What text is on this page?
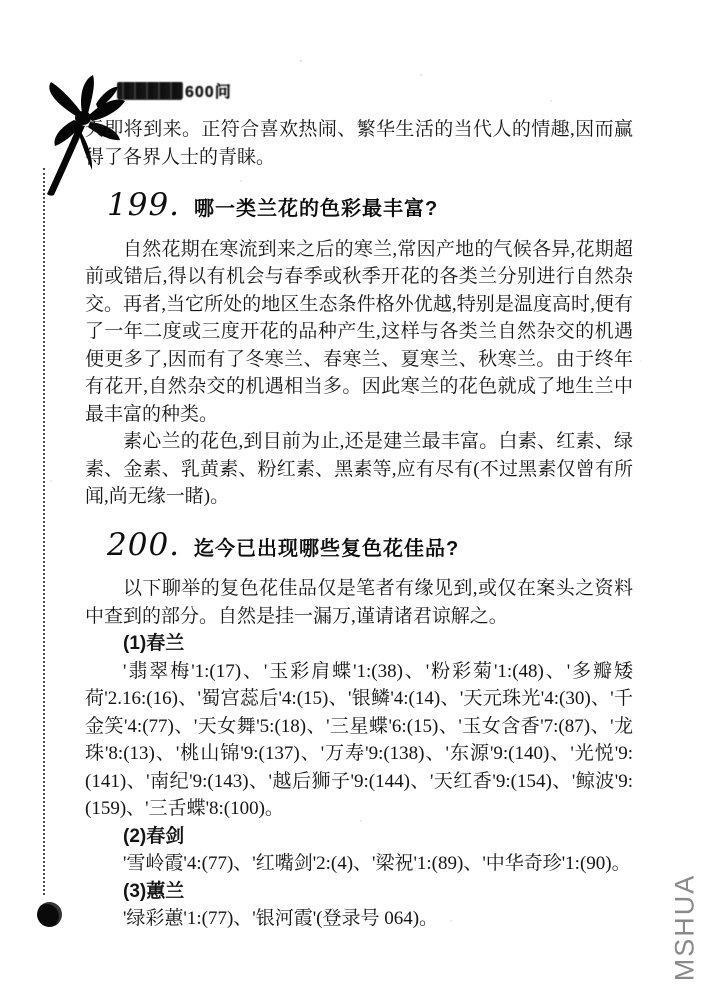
600问

天即将到来。正符合喜欢热闹、繁华生活的当代人的情趣,因而赢得了各界人士的青睐。

199. 哪一类兰花的色彩最丰富?

自然花期在寒流到来之后的寒兰,常因产地的气候各异,花期超前或错后,得以有机会与春季或秋季开花的各类兰分别进行自然杂交。再者,当它所处的地区生态条件格外优越,特别是温度高时,便有了一年二度或三度开花的品种产生,这样与各类兰自然杂交的机遇便更多了,因而有了冬寒兰、春寒兰、夏寒兰、秋寒兰。由于终年有花开,自然杂交的机遇相当多。因此寒兰的花色就成了地生兰中最丰富的种类。

素心兰的花色,到目前为止,还是建兰最丰富。白素、红素、绿素、金素、乳黄素、粉红素、黑素等,应有尽有(不过黑素仅曾有所闻,尚无缘一睹)。

200. 迄今已出现哪些复色花佳品?

以下聊举的复色花佳品仅是笔者有缘见到,或仅在案头之资料中查到的部分。自然是挂一漏万,谨请诸君谅解之。

(1)春兰

'翡翠梅'1:(17)、'玉彩肩蝶'1:(38)、'粉彩菊'1:(48)、'多瓣矮荷'2.16:(16)、'蜀宫蕊后'4:(15)、'银鳞'4:(14)、'天元珠光'4:(30)、'千金笑'4:(77)、'天女舞'5:(18)、'三星蝶'6:(15)、'玉女含香'7:(87)、'龙珠'8:(13)、'桃山锦'9:(137)、'万寿'9:(138)、'东源'9:(140)、'光悦'9:(141)、'南纪'9:(143)、'越后狮子'9:(144)、'天红香'9:(154)、'鲸波'9:(159)、'三舌蝶'8:(100)。

(2)春剑

'雪岭霞'4:(77)、'红嘴剑'2:(4)、'梁祝'1:(89)、'中华奇珍'1:(90)。

(3)蕙兰

'绿彩蕙'1:(77)、'银河霞'(登录号 064)。	MSHUA
